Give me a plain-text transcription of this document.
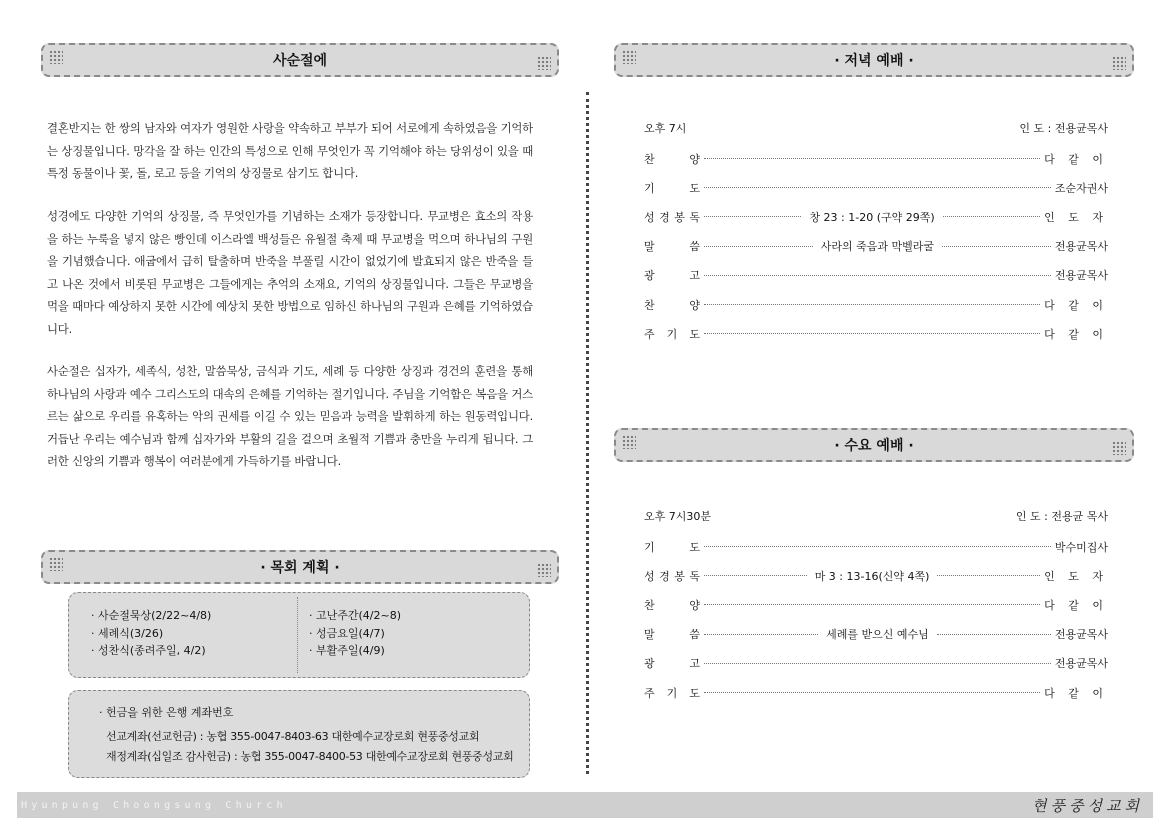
사순절에
결혼반지는 한 쌍의 남자와 여자가 영원한 사랑을 약속하고 부부가 되어 서로에게 속하였음을 기억하는 상징물입니다. 망각을 잘 하는 인간의 특성으로 인해 무엇인가 꼭 기억해야 하는 당위성이 있을 때 특정 동물이나 꽃, 돌, 로고 등을 기억의 상징물로 삼기도 합니다.
성경에도 다양한 기억의 상징물, 즉 무엇인가를 기념하는 소재가 등장합니다. 무교병은 효소의 작용을 하는 누룩을 넣지 않은 빵인데 이스라엘 백성들은 유월절 축제 때 무교병을 먹으며 하나님의 구원을 기념했습니다. 애굽에서 급히 탈출하며 반죽을 부풀릴 시간이 없었기에 발효되지 않은 반죽을 들고 나온 것에서 비롯된 무교병은 그들에게는 추억의 소재요, 기억의 상징물입니다. 그들은 무교병을 먹을 때마다 예상하지 못한 시간에 예상치 못한 방법으로 임하신 하나님의 구원과 은혜를 기억하였습니다.
사순절은 십자가, 세족식, 성찬, 말씀묵상, 금식과 기도, 세례 등 다양한 상징과 경건의 훈련을 통해 하나님의 사랑과 예수 그리스도의 대속의 은혜를 기억하는 절기입니다. 주님을 기억함은 복음을 거스르는 삶으로 우리를 유혹하는 악의 권세를 이길 수 있는 믿음과 능력을 발휘하게 하는 원동력입니다. 거듭난 우리는 예수님과 함께 십자가와 부활의 길을 걸으며 초월적 기쁨과 충만을 누리게 됩니다. 그러한 신앙의 기쁨과 행복이 여러분에게 가득하기를 바랍니다.
· 목회 계획 ·
· 사순절묵상(2/22~4/8)
· 세례식(3/26)
· 성찬식(종려주일, 4/2)
· 고난주간(4/2~8)
· 성금요일(4/7)
· 부활주일(4/9)
· 헌금을 위한 은행 계좌번호
선교계좌(선교헌금) : 농협 355-0047-8403-63 대한예수교장로회 현풍중성교회
재정계좌(십일조 감사헌금) : 농협 355-0047-8400-53 대한예수교장로회 현풍중성교회
· 저녁 예배 ·
오후 7시	인 도 : 전용균목사
찬	양	다 같 이
기	도	조순자권사
성 경 봉 독	창 23 : 1-20 (구약 29쪽)	인 도 자
말	씀	사라의 죽음과 막벨라굴	전용균목사
광	고	전용균목사
찬	양	다 같 이
주 기 도	다 같 이
· 수요 예배 ·
오후 7시30분	인 도 : 전용균 목사
기	도	박수미집사
성 경 봉 독	마 3 : 13-16(신약 4쪽)	인 도 자
찬	양	다 같 이
말	씀	세례를 받으신 예수님	전용균목사
광	고	전용균목사
주 기 도	다 같 이
Hyunpung Choongsung Church	현풍중성교회
